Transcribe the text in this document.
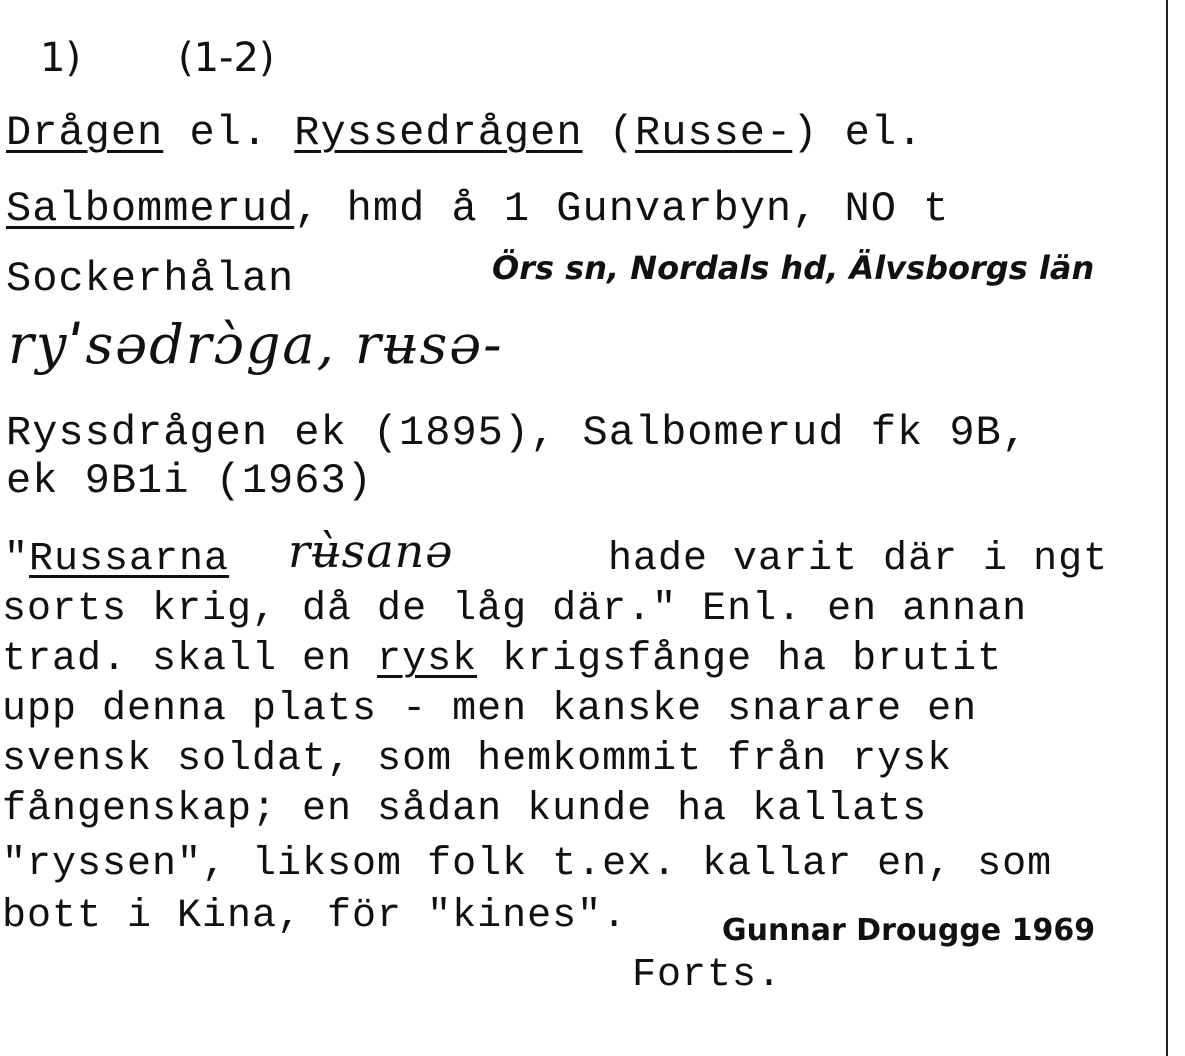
1) (1-2)
Drågen el. Ryssedrågen (Russe-) el.
Salbommerud, hmd å 1 Gunvarbyn, NO t
Sockerhålan	Örs sn, Nordals hd, Älvsborgs län
ryˈsədrɔ̀ga, rʉsə-
Ryssdrågen ek (1895), Salbomerud fk 9B,
ek 9B1i (1963)
"Russarna rʉ̀sanə	hade varit där i ngt
sorts krig, då de låg där." Enl. en annan
trad. skall en rysk krigsfånge ha brutit
upp denna plats - men kanske snarare en
svensk soldat, som hemkommit från rysk
fångenskap; en sådan kunde ha kallats
"ryssen", liksom folk t.ex. kallar en, som
bott i Kina, för "kines".	Gunnar Drougge 1969
Forts.
